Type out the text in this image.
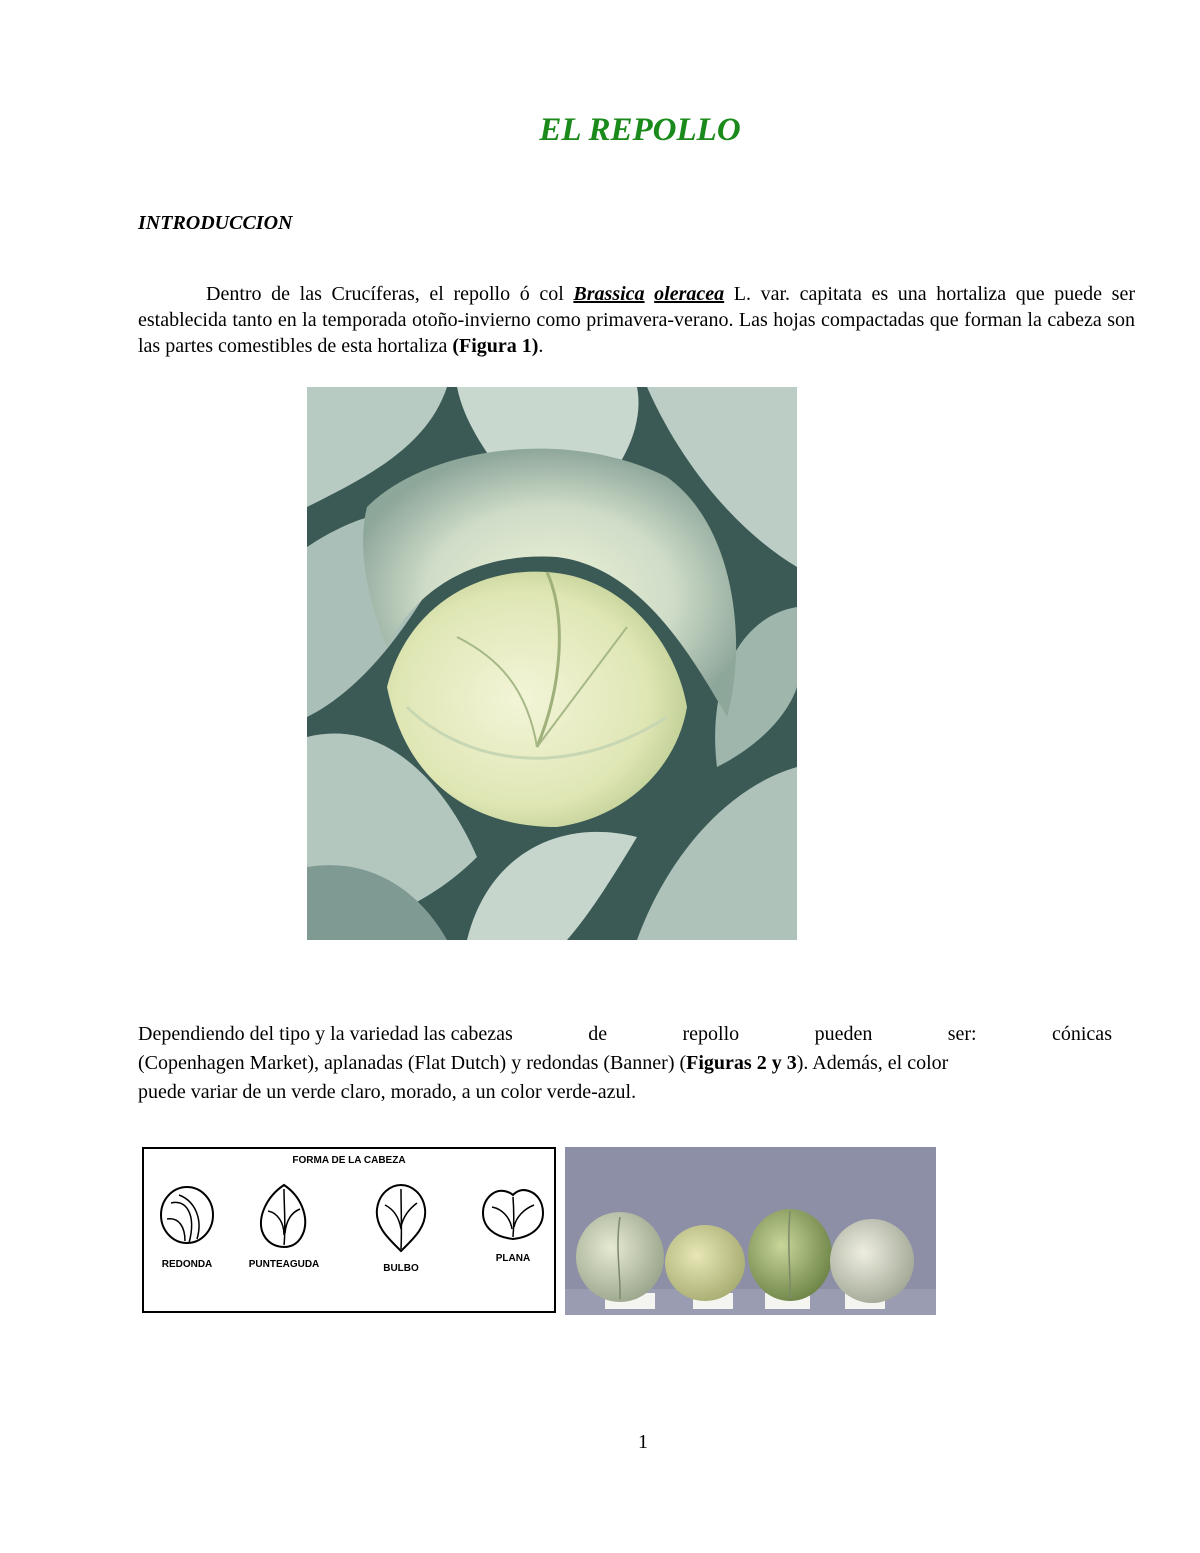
EL REPOLLO
INTRODUCCION

Dentro de las Crucíferas, el repollo ó col Brassica oleracea L. var. capitata es una hortaliza que puede ser establecida tanto en la temporada otoño-invierno como primavera-verano. Las hojas compactadas que forman la cabeza son las partes comestibles de esta hortaliza (Figura 1).

Dependiendo del tipo y la variedad las cabezas	de	repollo	pueden	ser:	cónicas
(Copenhagen Market), aplanadas (Flat Dutch) y redondas (Banner) (Figuras 2 y 3). Además, el color
puede variar de un verde claro, morado, a un color verde-azul.
FORMA DE LA CABEZA
REDONDA	PUNTEAGUDA	BULBO
PLANA
1
